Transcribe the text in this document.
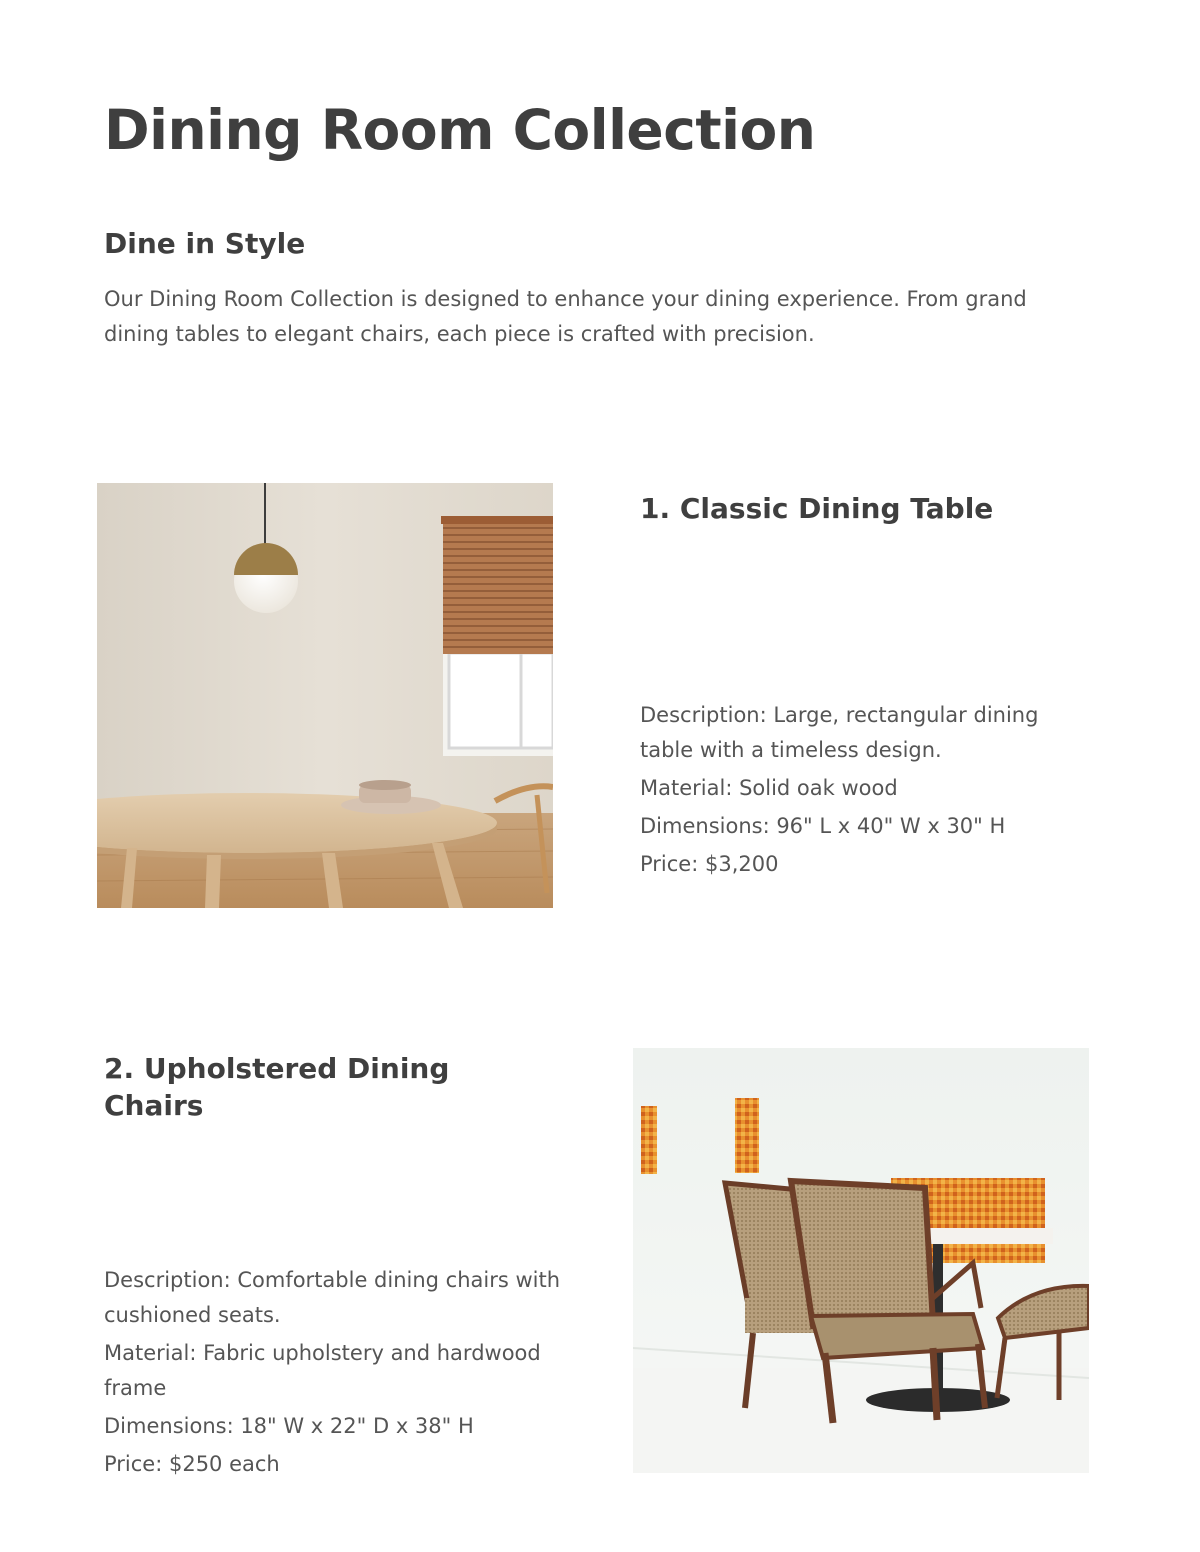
Dining Room Collection
Dine in Style

Our Dining Room Collection is designed to enhance your dining experience. From grand dining tables to elegant chairs, each piece is crafted with precision.

1. Classic Dining Table

Description: Large, rectangular dining table with a timeless design.

Material: Solid oak wood

Dimensions: 96" L x 40" W x 30" H

Price: $3,200

2. Upholstered Dining Chairs

Description: Comfortable dining chairs with cushioned seats.

Material: Fabric upholstery and hardwood frame

Dimensions: 18" W x 22" D x 38" H

Price: $250 each
